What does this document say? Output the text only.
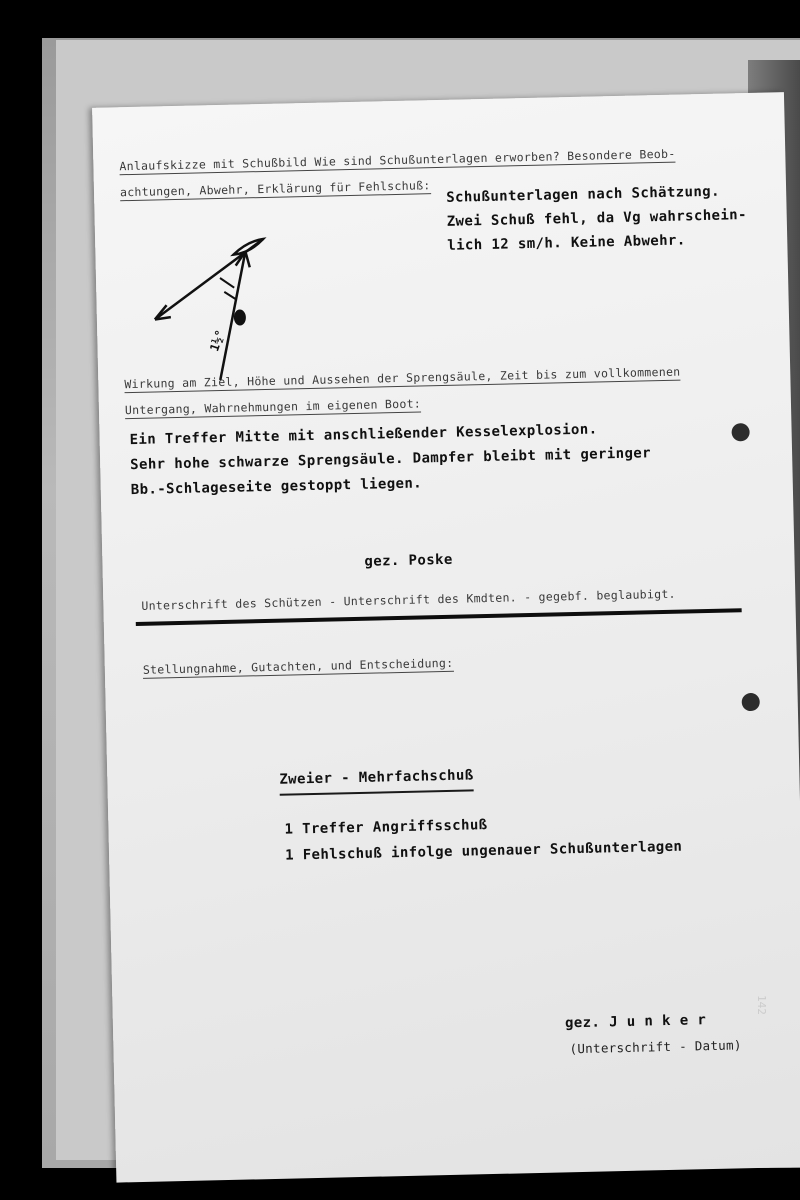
Anlaufskizze mit Schußbild Wie sind Schußunterlagen erworben? Besondere Beob-
achtungen, Abwehr, Erklärung für Fehlschuß: Schußunterlagen nach Schätzung.
Zwei Schuß fehl, da Vg wahrschein-
lich 12 sm/h. Keine Abwehr.
1½°
Wirkung am Ziel, Höhe und Aussehen der Sprengsäule, Zeit bis zum vollkommenen
Untergang, Wahrnehmungen im eigenen Boot:
Ein Treffer Mitte mit anschließender Kesselexplosion.
Sehr hohe schwarze Sprengsäule. Dampfer bleibt mit geringer
Bb.-Schlageseite gestoppt liegen.
gez. Poske
Unterschrift des Schützen - Unterschrift des Kmdten. - gegebf. beglaubigt.
Stellungnahme, Gutachten, und Entscheidung:
Zweier - Mehrfachschuß
1 Treffer Angriffsschuß
1 Fehlschuß infolge ungenauer Schußunterlagen
gez. J u n k e r
(Unterschrift - Datum)
142
